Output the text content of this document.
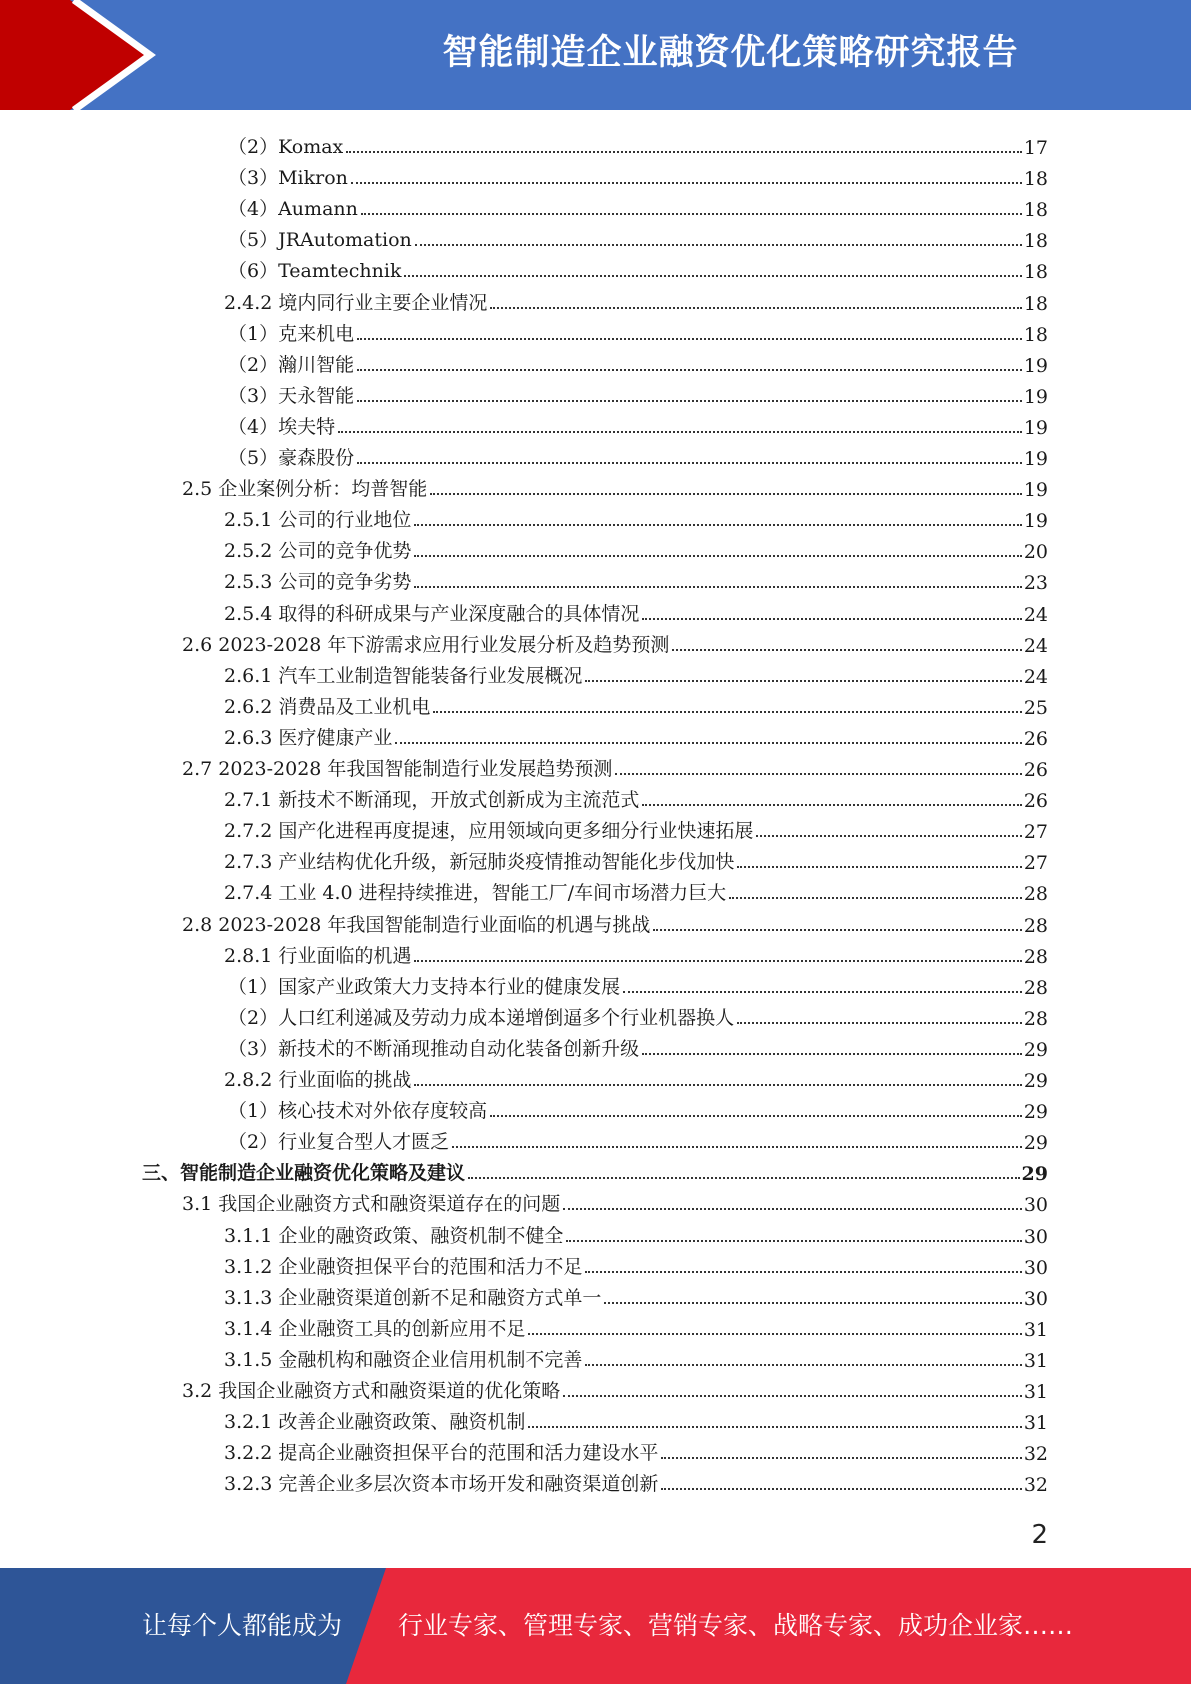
智能制造企业融资优化策略研究报告
（2）Komax	17
（3）Mikron	18
（4）Aumann	18
（5）JRAutomation	18
（6）Teamtechnik	18
2.4.2 境内同行业主要企业情况	18
（1）克来机电	18
（2）瀚川智能	19
（3）天永智能	19
（4）埃夫特	19
（5）豪森股份	19
2.5 企业案例分析：均普智能	19
2.5.1 公司的行业地位	19
2.5.2 公司的竞争优势	20
2.5.3 公司的竞争劣势	23
2.5.4 取得的科研成果与产业深度融合的具体情况	24
2.6 2023-2028 年下游需求应用行业发展分析及趋势预测	24
2.6.1 汽车工业制造智能装备行业发展概况	24
2.6.2 消费品及工业机电	25
2.6.3 医疗健康产业	26
2.7 2023-2028 年我国智能制造行业发展趋势预测	26
2.7.1 新技术不断涌现，开放式创新成为主流范式	26
2.7.2 国产化进程再度提速，应用领域向更多细分行业快速拓展	27
2.7.3 产业结构优化升级，新冠肺炎疫情推动智能化步伐加快	27
2.7.4 工业 4.0 进程持续推进，智能工厂/车间市场潜力巨大	28
2.8 2023-2028 年我国智能制造行业面临的机遇与挑战	28
2.8.1 行业面临的机遇	28
（1）国家产业政策大力支持本行业的健康发展	28
（2）人口红利递减及劳动力成本递增倒逼多个行业机器换人	28
（3）新技术的不断涌现推动自动化装备创新升级	29
2.8.2 行业面临的挑战	29
（1）核心技术对外依存度较高	29
（2）行业复合型人才匮乏	29
三、智能制造企业融资优化策略及建议	29
3.1 我国企业融资方式和融资渠道存在的问题	30
3.1.1 企业的融资政策、融资机制不健全	30
3.1.2 企业融资担保平台的范围和活力不足	30
3.1.3 企业融资渠道创新不足和融资方式单一	30
3.1.4 企业融资工具的创新应用不足	31
3.1.5 金融机构和融资企业信用机制不完善	31
3.2 我国企业融资方式和融资渠道的优化策略	31
3.2.1 改善企业融资政策、融资机制	31
3.2.2 提高企业融资担保平台的范围和活力建设水平	32
3.2.3 完善企业多层次资本市场开发和融资渠道创新	32
2
让每个人都能成为 行业专家、管理专家、营销专家、战略专家、成功企业家……
